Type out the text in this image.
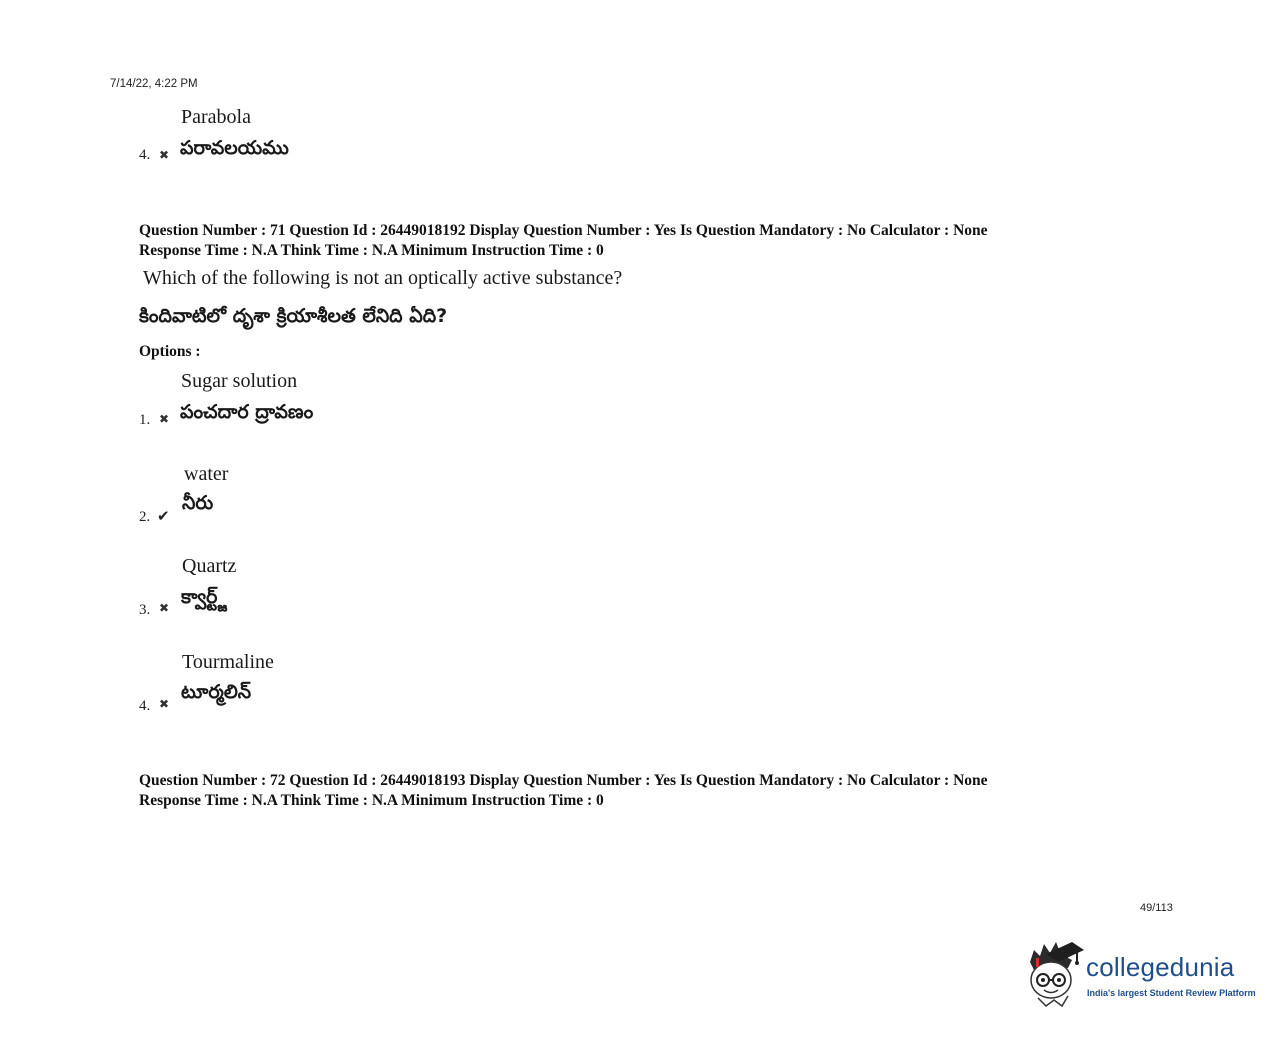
7/14/22, 4:22 PM
Parabola
4. ✖ పరావలయము
Question Number : 71 Question Id : 26449018192 Display Question Number : Yes Is Question Mandatory : No Calculator : None
Response Time : N.A Think Time : N.A Minimum Instruction Time : 0
Which of the following is not an optically active substance?
కిందివాటిలో దృశా క్రియాశీలత లేనిది ఏది?
Options :
Sugar solution
1. ✖ పంచదార ద్రావణం
water
నీరు
2. ✔
Quartz
క్వార్ట్జ్
3. ✖
Tourmaline
టూర్మలిన్
4. ✖
Question Number : 72 Question Id : 26449018193 Display Question Number : Yes Is Question Mandatory : No Calculator : None
Response Time : N.A Think Time : N.A Minimum Instruction Time : 0
49/113
collegedunia
India's largest Student Review Platform
